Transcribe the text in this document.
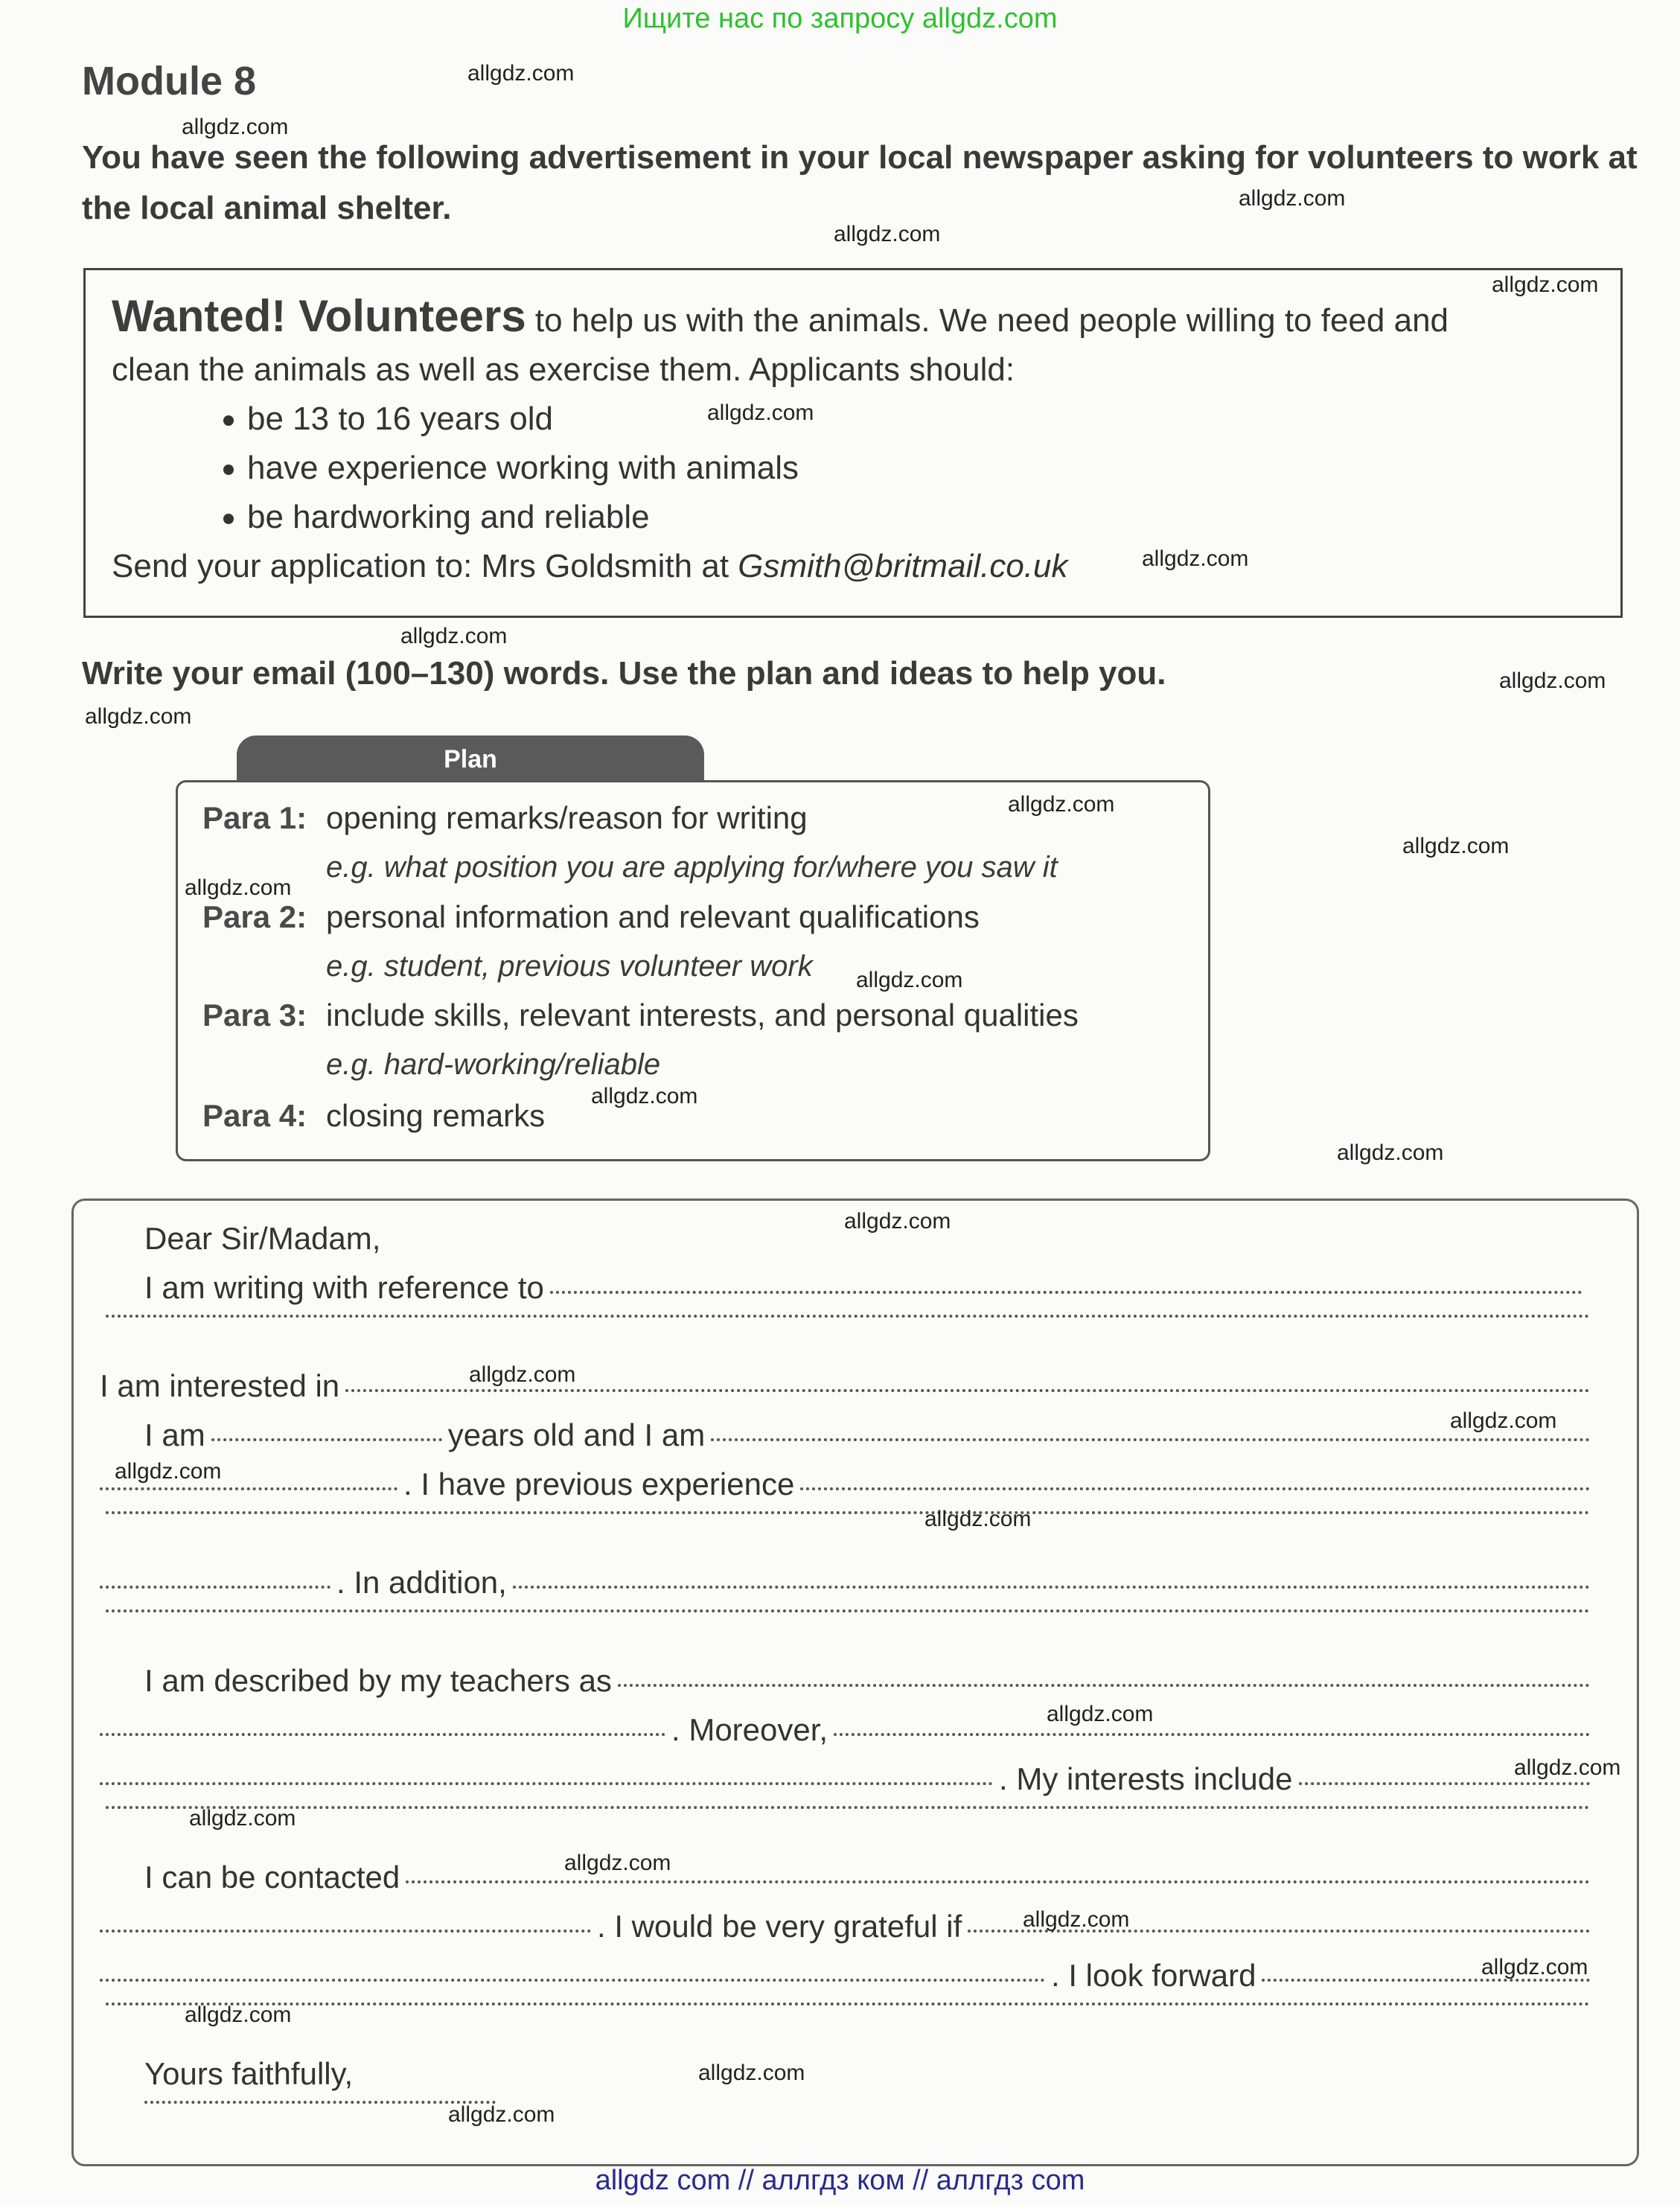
Ищите нас по запросу allgdz.com
Module 8
You have seen the following advertisement in your local newspaper asking for volunteers to work at
the local animal shelter.
Wanted! Volunteers to help us with the animals. We need people willing to feed and
clean the animals as well as exercise them. Applicants should:
be 13 to 16 years old
have experience working with animals
be hardworking and reliable
Send your application to: Mrs Goldsmith at Gsmith@britmail.co.uk
Write your email (100–130) words. Use the plan and ideas to help you.
Plan
Para 1: opening remarks/reason for writing
e.g. what position you are applying for/where you saw it
Para 2: personal information and relevant qualifications
e.g. student, previous volunteer work
Para 3: include skills, relevant interests, and personal qualities
e.g. hard-working/reliable
Para 4: closing remarks
Dear Sir/Madam,
I am writing with reference to
I am interested in
I am	years old and I am
. I have previous experience
. In addition,
I am described by my teachers as
. Moreover,
. My interests include
I can be contacted
. I would be very grateful if
. I look forward
Yours faithfully,
allgdz.com
allgdz.com
allgdz.com
allgdz.com
allgdz.com
allgdz.com
allgdz.com
allgdz.com
allgdz.com
allgdz.com
allgdz.com
allgdz.com
allgdz.com
allgdz.com
allgdz.com
allgdz.com
allgdz.com
allgdz.com
allgdz.com
allgdz.com
allgdz.com
allgdz.com
allgdz.com
allgdz.com
allgdz.com
allgdz.com
allgdz.com
allgdz.com
allgdz.com
allgdz.com
allgdz com // аллгдз ком // аллгдз com
